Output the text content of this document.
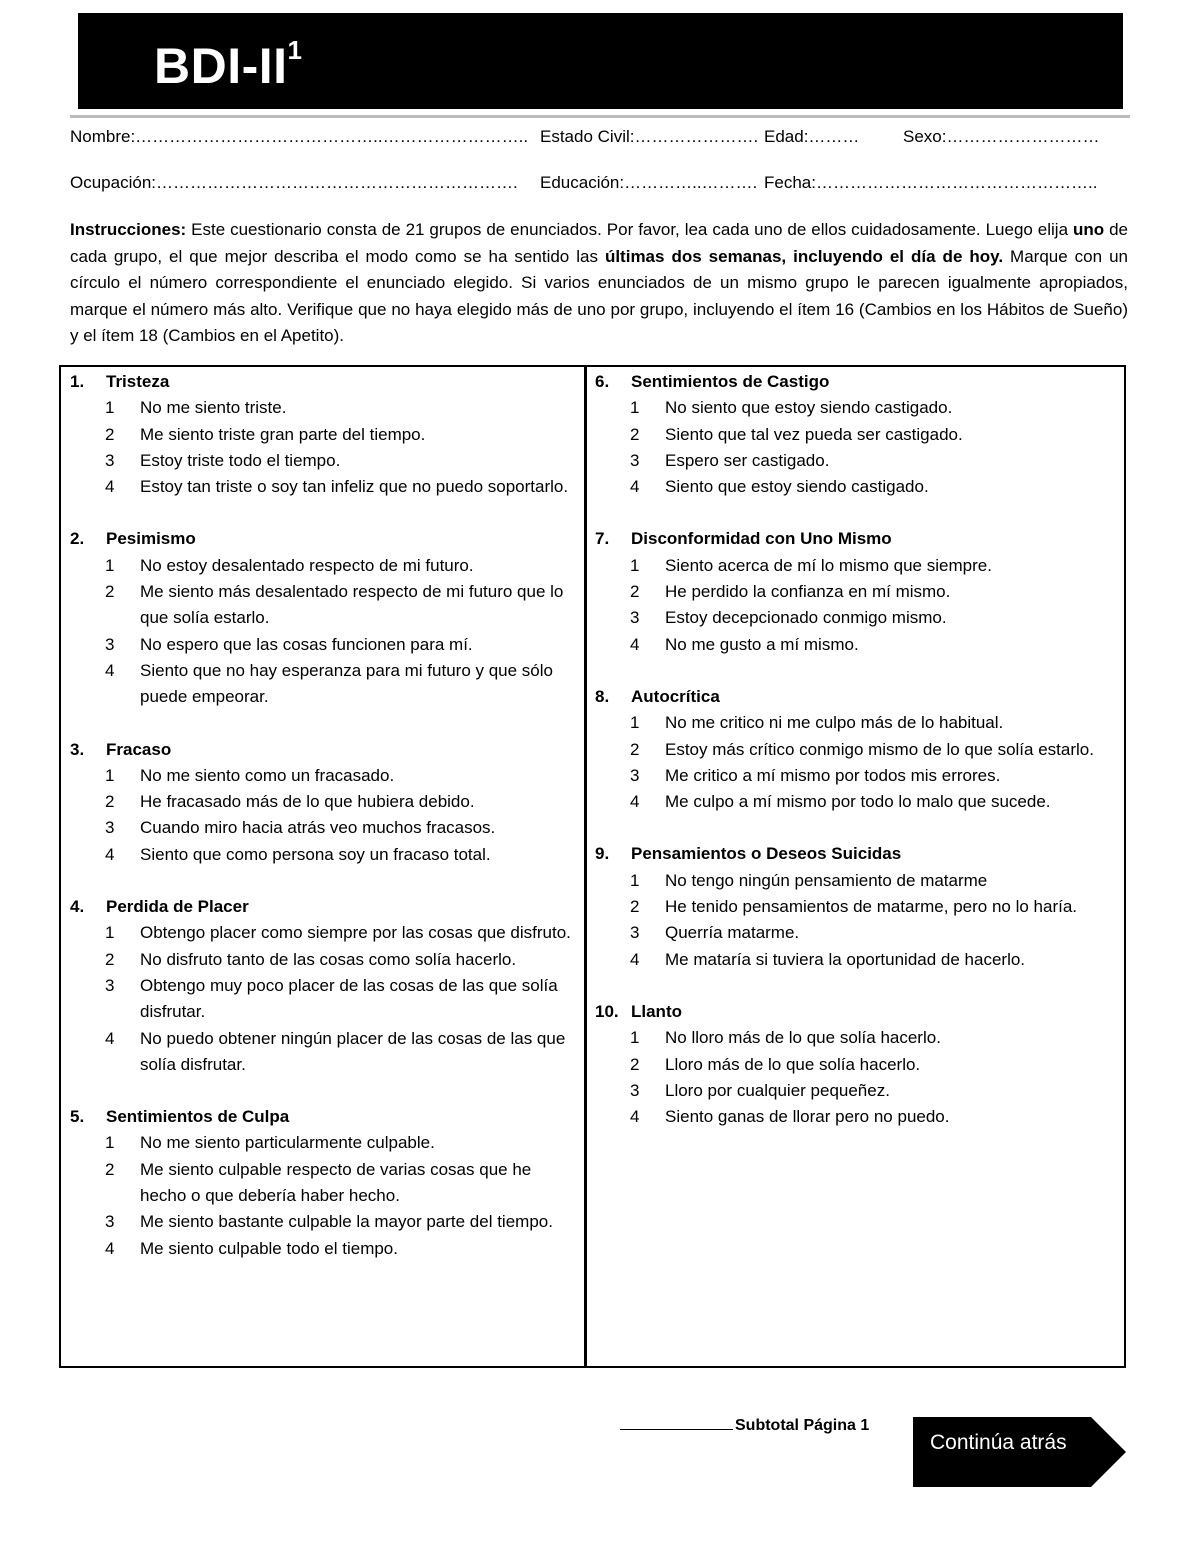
BDI-$II^1$
Nombre:……………………………………..…………………….. Estado Civil:…………………. Edad:………	Sexo:………………………
Ocupación:………………………………………………………. Educación:…………..………. Fecha:…………………………………………..
Instrucciones: Este cuestionario consta de 21 grupos de enunciados. Por favor, lea cada uno de ellos cuidadosamente. Luego elija uno de cada grupo, el que mejor describa el modo como se ha sentido las últimas dos semanas, incluyendo el día de hoy. Marque con un círculo el número correspondiente el enunciado elegido. Si varios enunciados de un mismo grupo le parecen igualmente apropiados, marque el número más alto. Verifique que no haya elegido más de uno por grupo, incluyendo el ítem 16 (Cambios en los Hábitos de Sueño) y el ítem 18 (Cambios en el Apetito).
1.	Tristeza
1	No me siento triste.
2	Me siento triste gran parte del tiempo.
3	Estoy triste todo el tiempo.
4	Estoy tan triste o soy tan infeliz que no puedo soportarlo.
2.	Pesimismo
1	No estoy desalentado respecto de mi futuro.
2	Me siento más desalentado respecto de mi futuro que lo que solía estarlo.
3	No espero que las cosas funcionen para mí.
4	Siento que no hay esperanza para mi futuro y que sólo puede empeorar.
3.	Fracaso
1	No me siento como un fracasado.
2	He fracasado más de lo que hubiera debido.
3	Cuando miro hacia atrás veo muchos fracasos.
4	Siento que como persona soy un fracaso total.
4.	Perdida de Placer
1	Obtengo placer como siempre por las cosas que disfruto.
2	No disfruto tanto de las cosas como solía hacerlo.
3	Obtengo muy poco placer de las cosas de las que solía disfrutar.
4	No puedo obtener ningún placer de las cosas de las que solía disfrutar.
5.	Sentimientos de Culpa
1	No me siento particularmente culpable.
2	Me siento culpable respecto de varias cosas que he hecho o que debería haber hecho.
3	Me siento bastante culpable la mayor parte del tiempo.
4	Me siento culpable todo el tiempo.
6.	Sentimientos de Castigo
1	No siento que estoy siendo castigado.
2	Siento que tal vez pueda ser castigado.
3	Espero ser castigado.
4	Siento que estoy siendo castigado.
7.	Disconformidad con Uno Mismo
1	Siento acerca de mí lo mismo que siempre.
2	He perdido la confianza en mí mismo.
3	Estoy decepcionado conmigo mismo.
4	No me gusto a mí mismo.
8.	Autocrítica
1	No me critico ni me culpo más de lo habitual.
2	Estoy más crítico conmigo mismo de lo que solía estarlo.
3	Me critico a mí mismo por todos mis errores.
4	Me culpo a mí mismo por todo lo malo que sucede.
9.	Pensamientos o Deseos Suicidas
1	No tengo ningún pensamiento de matarme
2	He tenido pensamientos de matarme, pero no lo haría.
3	Querría matarme.
4	Me mataría si tuviera la oportunidad de hacerlo.
10. Llanto
1	No lloro más de lo que solía hacerlo.
2	Lloro más de lo que solía hacerlo.
3	Lloro por cualquier pequeñez.
4	Siento ganas de llorar pero no puedo.
Subtotal Página 1
Continúa atrás
